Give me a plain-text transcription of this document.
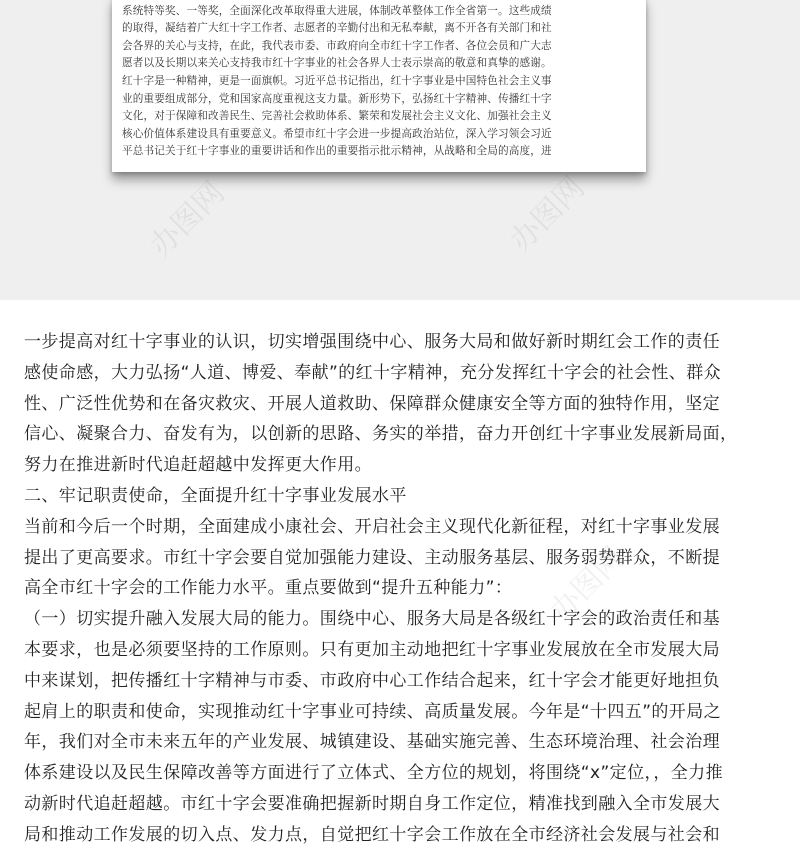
系统特等奖、一等奖，全面深化改革取得重大进展，体制改革整体工作全省第一。这些成绩
的取得，凝结着广大红十字工作者、志愿者的辛勤付出和无私奉献，离不开各有关部门和社
会各界的关心与支持，在此，我代表市委、市政府向全市红十字工作者、各位会员和广大志
愿者以及长期以来关心支持我市红十字事业的社会各界人士表示崇高的敬意和真挚的感谢。
红十字是一种精神，更是一面旗帜。习近平总书记指出，红十字事业是中国特色社会主义事
业的重要组成部分，党和国家高度重视这支力量。新形势下，弘扬红十字精神、传播红十字
文化，对于保障和改善民生、完善社会救助体系、繁荣和发展社会主义文化、加强社会主义
核心价值体系建设具有重要意义。希望市红十字会进一步提高政治站位，深入学习领会习近
平总书记关于红十字事业的重要讲话和作出的重要指示批示精神，从战略和全局的高度，进
办图网
一步提高对红十字事业的认识，切实增强围绕中心、服务大局和做好新时期红会工作的责任
感使命感，大力弘扬“人道、博爱、奉献”的红十字精神，充分发挥红十字会的社会性、群众
性、广泛性优势和在备灾救灾、开展人道救助、保障群众健康安全等方面的独特作用，坚定
信心、凝聚合力、奋发有为，以创新的思路、务实的举措，奋力开创红十字事业发展新局面，
努力在推进新时代追赶超越中发挥更大作用。
二、牢记职责使命，全面提升红十字事业发展水平
当前和今后一个时期，全面建成小康社会、开启社会主义现代化新征程，对红十字事业发展
提出了更高要求。市红十字会要自觉加强能力建设、主动服务基层、服务弱势群众，不断提
高全市红十字会的工作能力水平。重点要做到“提升五种能力”：
（一）切实提升融入发展大局的能力。围绕中心、服务大局是各级红十字会的政治责任和基
本要求，也是必须要坚持的工作原则。只有更加主动地把红十字事业发展放在全市发展大局
中来谋划，把传播红十字精神与市委、市政府中心工作结合起来，红十字会才能更好地担负
起肩上的职责和使命，实现推动红十字事业可持续、高质量发展。今年是“十四五”的开局之
年，我们对全市未来五年的产业发展、城镇建设、基础实施完善、生态环境治理、社会治理
体系建设以及民生保障改善等方面进行了立体式、全方位的规划，将围绕“x”定位，，全力推
动新时代追赶超越。市红十字会要准确把握新时期自身工作定位，精准找到融入全市发展大
局和推动工作发展的切入点、发力点，自觉把红十字会工作放在全市经济社会发展与社会和
